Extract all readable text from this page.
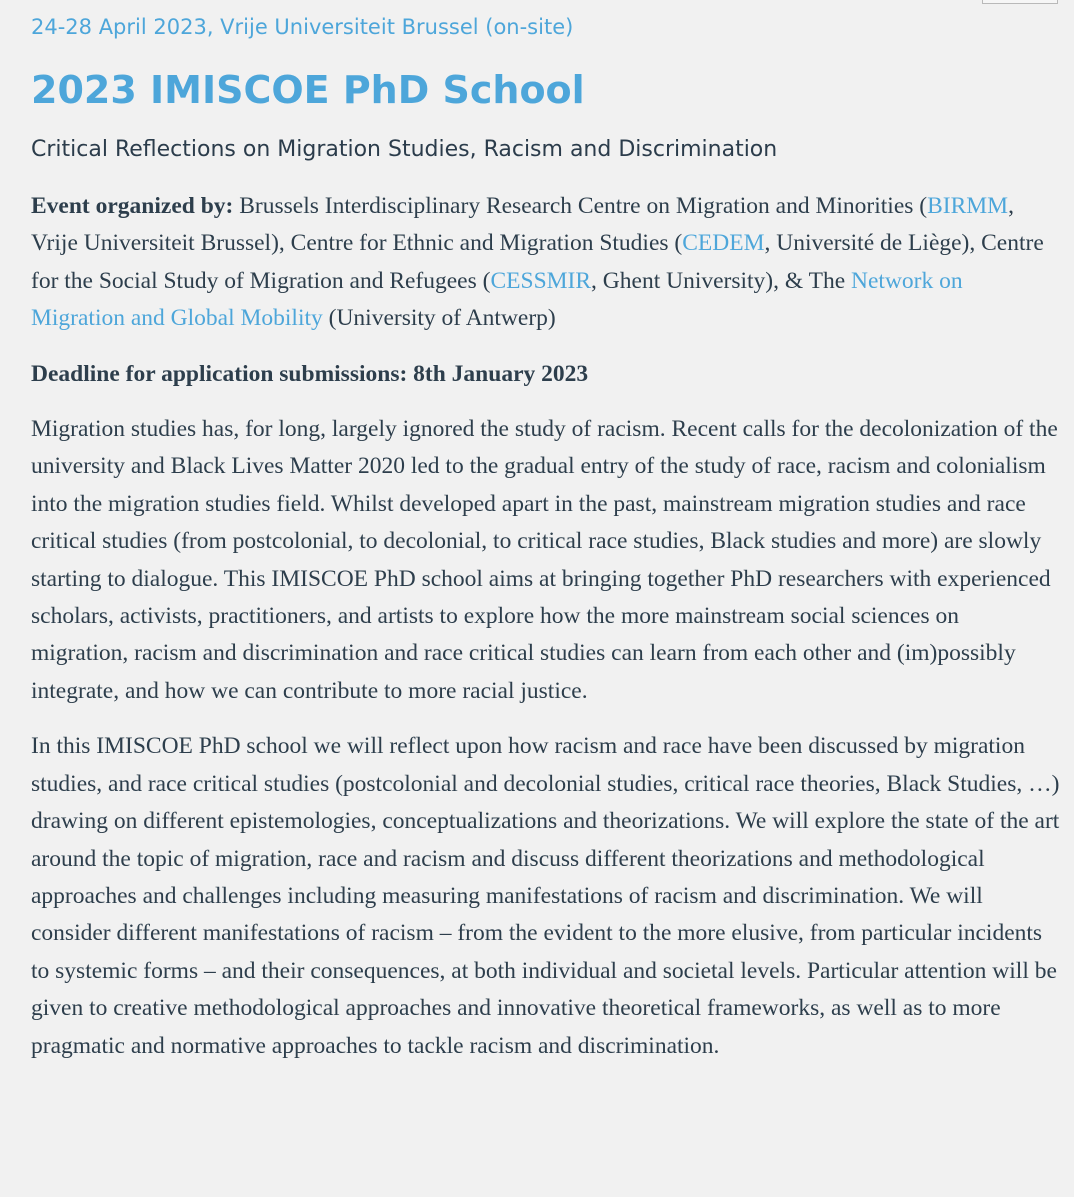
24-28 April 2023, Vrije Universiteit Brussel (on-site)
2023 IMISCOE PhD School
Critical Reflections on Migration Studies, Racism and Discrimination

Event organized by: Brussels Interdisciplinary Research Centre on Migration and Minorities (BIRMM, Vrije Universiteit Brussel), Centre for Ethnic and Migration Studies (CEDEM, Université de Liège), Centre for the Social Study of Migration and Refugees (CESSMIR, Ghent University), & The Network on Migration and Global Mobility (University of Antwerp)

Deadline for application submissions: 8th January 2023

Migration studies has, for long, largely ignored the study of racism. Recent calls for the decolonization of the university and Black Lives Matter 2020 led to the gradual entry of the study of race, racism and colonialism into the migration studies field. Whilst developed apart in the past, mainstream migration studies and race critical studies (from postcolonial, to decolonial, to critical race studies, Black studies and more) are slowly starting to dialogue. This IMISCOE PhD school aims at bringing together PhD researchers with experienced scholars, activists, practitioners, and artists to explore how the more mainstream social sciences on migration, racism and discrimination and race critical studies can learn from each other and (im)possibly integrate, and how we can contribute to more racial justice.

In this IMISCOE PhD school we will reflect upon how racism and race have been discussed by migration studies, and race critical studies (postcolonial and decolonial studies, critical race theories, Black Studies, …) drawing on different epistemologies, conceptualizations and theorizations. We will explore the state of the art around the topic of migration, race and racism and discuss different theorizations and methodological approaches and challenges including measuring manifestations of racism and discrimination. We will consider different manifestations of racism – from the evident to the more elusive, from particular incidents to systemic forms – and their consequences, at both individual and societal levels. Particular attention will be given to creative methodological approaches and innovative theoretical frameworks, as well as to more pragmatic and normative approaches to tackle racism and discrimination.
